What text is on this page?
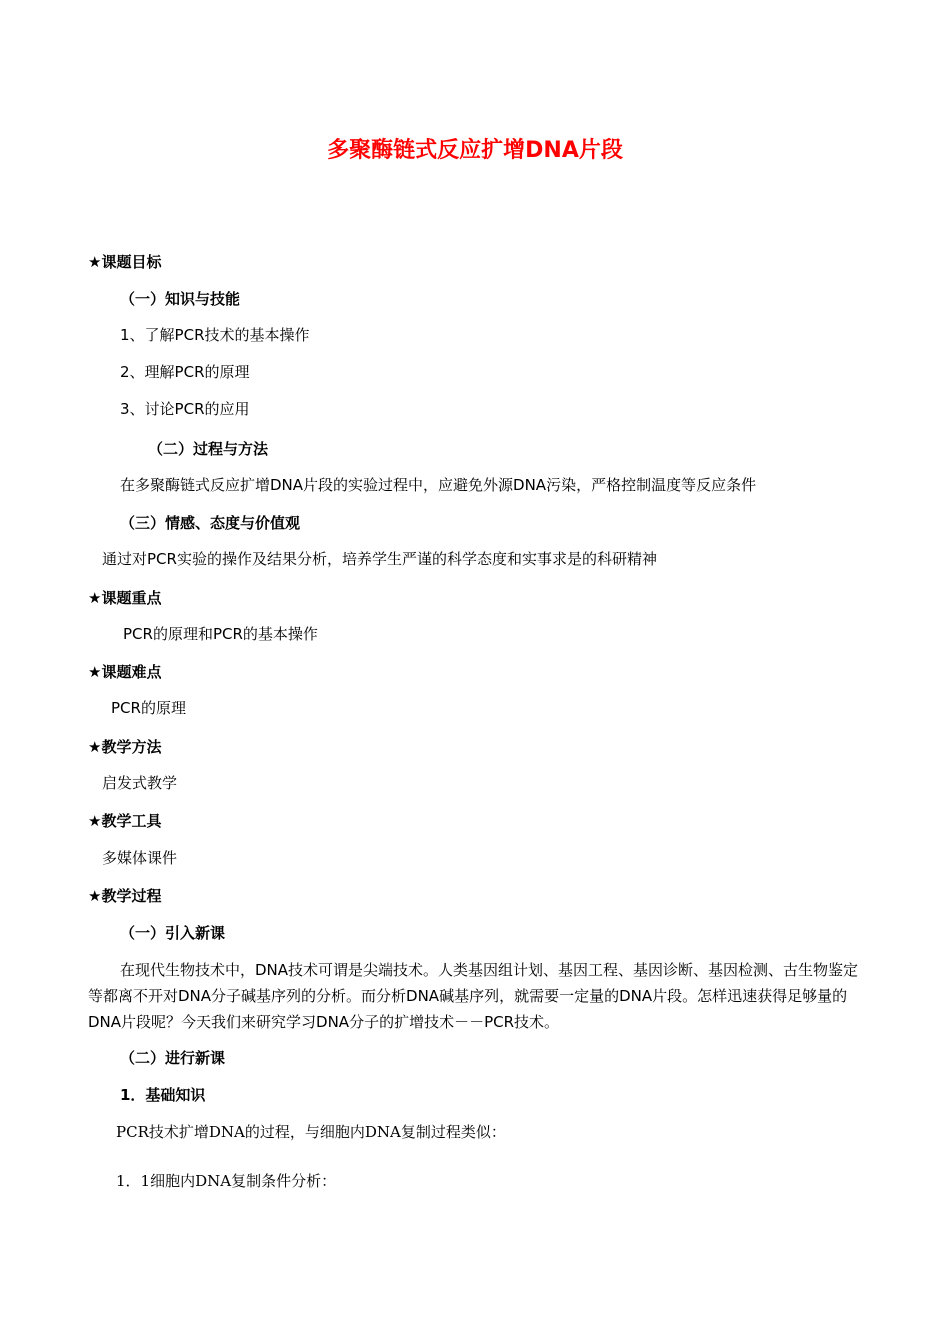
多聚酶链式反应扩增DNA片段
★课题目标
（一）知识与技能
1、了解PCR技术的基本操作
2、理解PCR的原理
3、讨论PCR的应用
（二）过程与方法
在多聚酶链式反应扩增DNA片段的实验过程中，应避免外源DNA污染，严格控制温度等反应条件
（三）情感、态度与价值观
通过对PCR实验的操作及结果分析，培养学生严谨的科学态度和实事求是的科研精神
★课题重点
PCR的原理和PCR的基本操作
★课题难点
PCR的原理
★教学方法
启发式教学
★教学工具
多媒体课件
★教学过程
（一）引入新课
在现代生物技术中，DNA技术可谓是尖端技术。人类基因组计划、基因工程、基因诊断、基因检测、古生物鉴定等都离不开对DNA分子碱基序列的分析。而分析DNA碱基序列，就需要一定量的DNA片段。怎样迅速获得足够量的DNA片段呢？今天我们来研究学习DNA分子的扩增技术－－PCR技术。
（二）进行新课
1．基础知识
PCR技术扩增DNA的过程，与细胞内DNA复制过程类似：
1．1细胞内DNA复制条件分析：
